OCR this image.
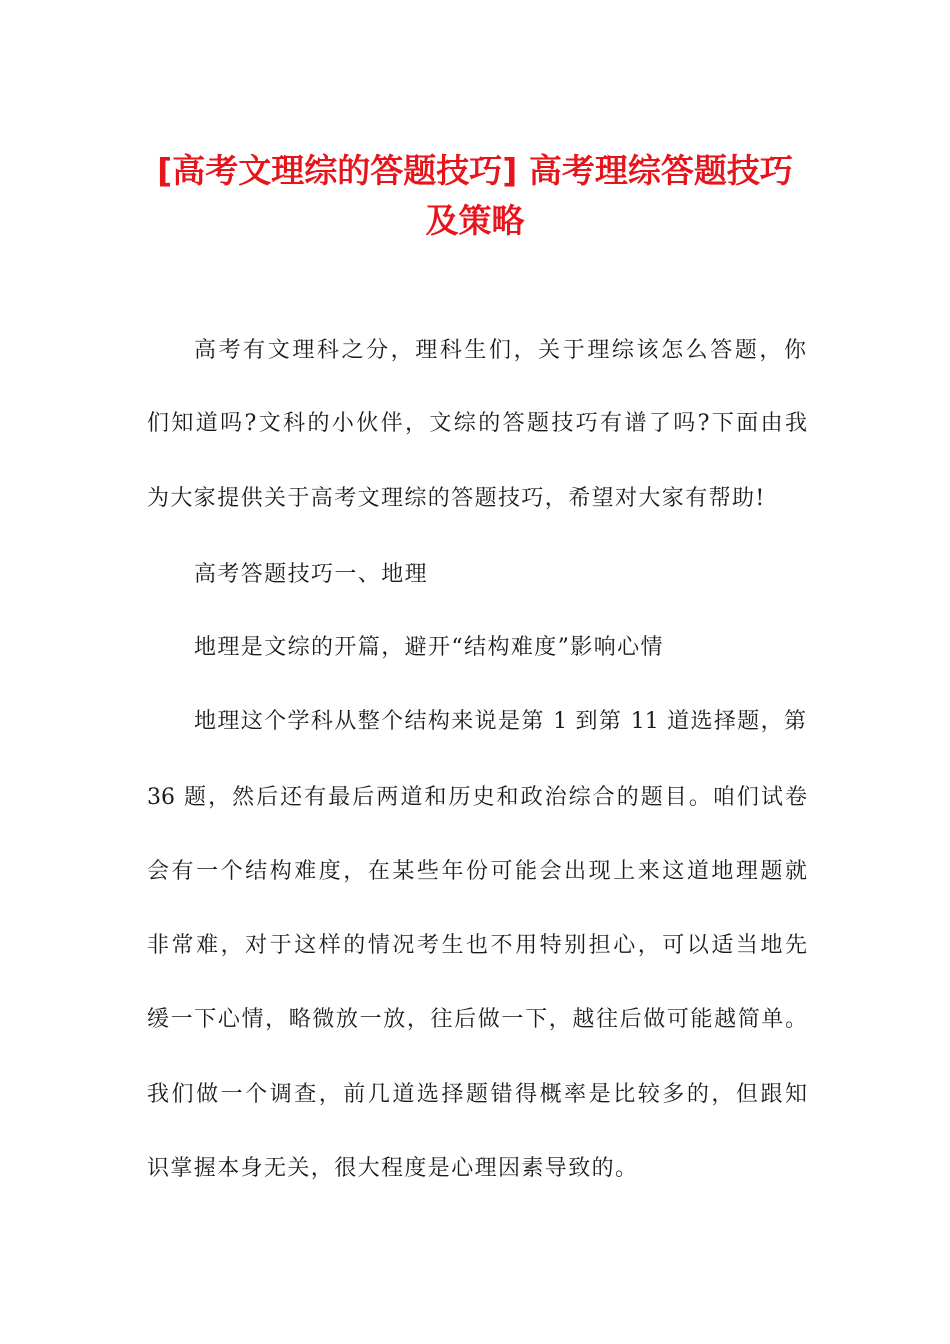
[高考文理综的答题技巧] 高考理综答题技巧
及策略

高考有文理科之分，理科生们，关于理综该怎么答题，你

们知道吗?文科的小伙伴，文综的答题技巧有谱了吗?下面由我

为大家提供关于高考文理综的答题技巧，希望对大家有帮助!

高考答题技巧一、地理

地理是文综的开篇，避开“结构难度”影响心情

地理这个学科从整个结构来说是第 1 到第 11 道选择题，第

36 题，然后还有最后两道和历史和政治综合的题目。咱们试卷

会有一个结构难度，在某些年份可能会出现上来这道地理题就

非常难，对于这样的情况考生也不用特别担心，可以适当地先

缓一下心情，略微放一放，往后做一下，越往后做可能越简单。

我们做一个调查，前几道选择题错得概率是比较多的，但跟知

识掌握本身无关，很大程度是心理因素导致的。
